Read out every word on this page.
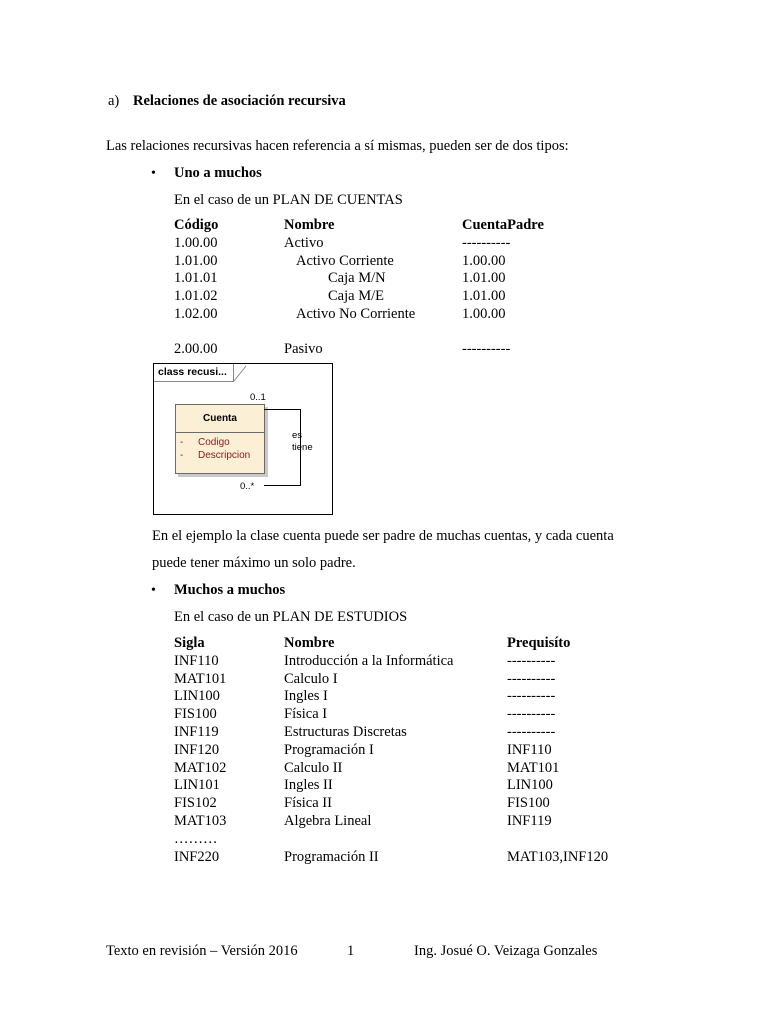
a) Relaciones de asociación recursiva
Las relaciones recursivas hacen referencia a sí mismas, pueden ser de dos tipos:
• Uno a muchos
En el caso de un PLAN DE CUENTAS
Código	Nombre	CuentaPadre
1.00.00	Activo	----------
1.01.00	Activo Corriente	1.00.00
1.01.01	Caja M/N	1.01.00
1.01.02	Caja M/E	1.01.00
1.02.00	Activo No Corriente	1.00.00
2.00.00	Pasivo	----------
class recusi...
Cuenta
- Codigo
- Descripcion
0..1
0..*
es
tiene
En el ejemplo la clase cuenta puede ser padre de muchas cuentas, y cada cuenta
puede tener máximo un solo padre.
• Muchos a muchos
En el caso de un PLAN DE ESTUDIOS
Sigla	Nombre	Prequisíto
INF110	Introducción a la Informática	----------
MAT101	Calculo I	----------
LIN100	Ingles I	----------
FIS100	Física I	----------
INF119	Estructuras Discretas	----------
INF120	Programación I	INF110
MAT102	Calculo II	MAT101
LIN101	Ingles II	LIN100
FIS102	Física II	FIS100
MAT103	Algebra Lineal	INF119
………
INF220	Programación II	MAT103,INF120
Texto en revisión – Versión 2016	1	Ing. Josué O. Veizaga Gonzales
